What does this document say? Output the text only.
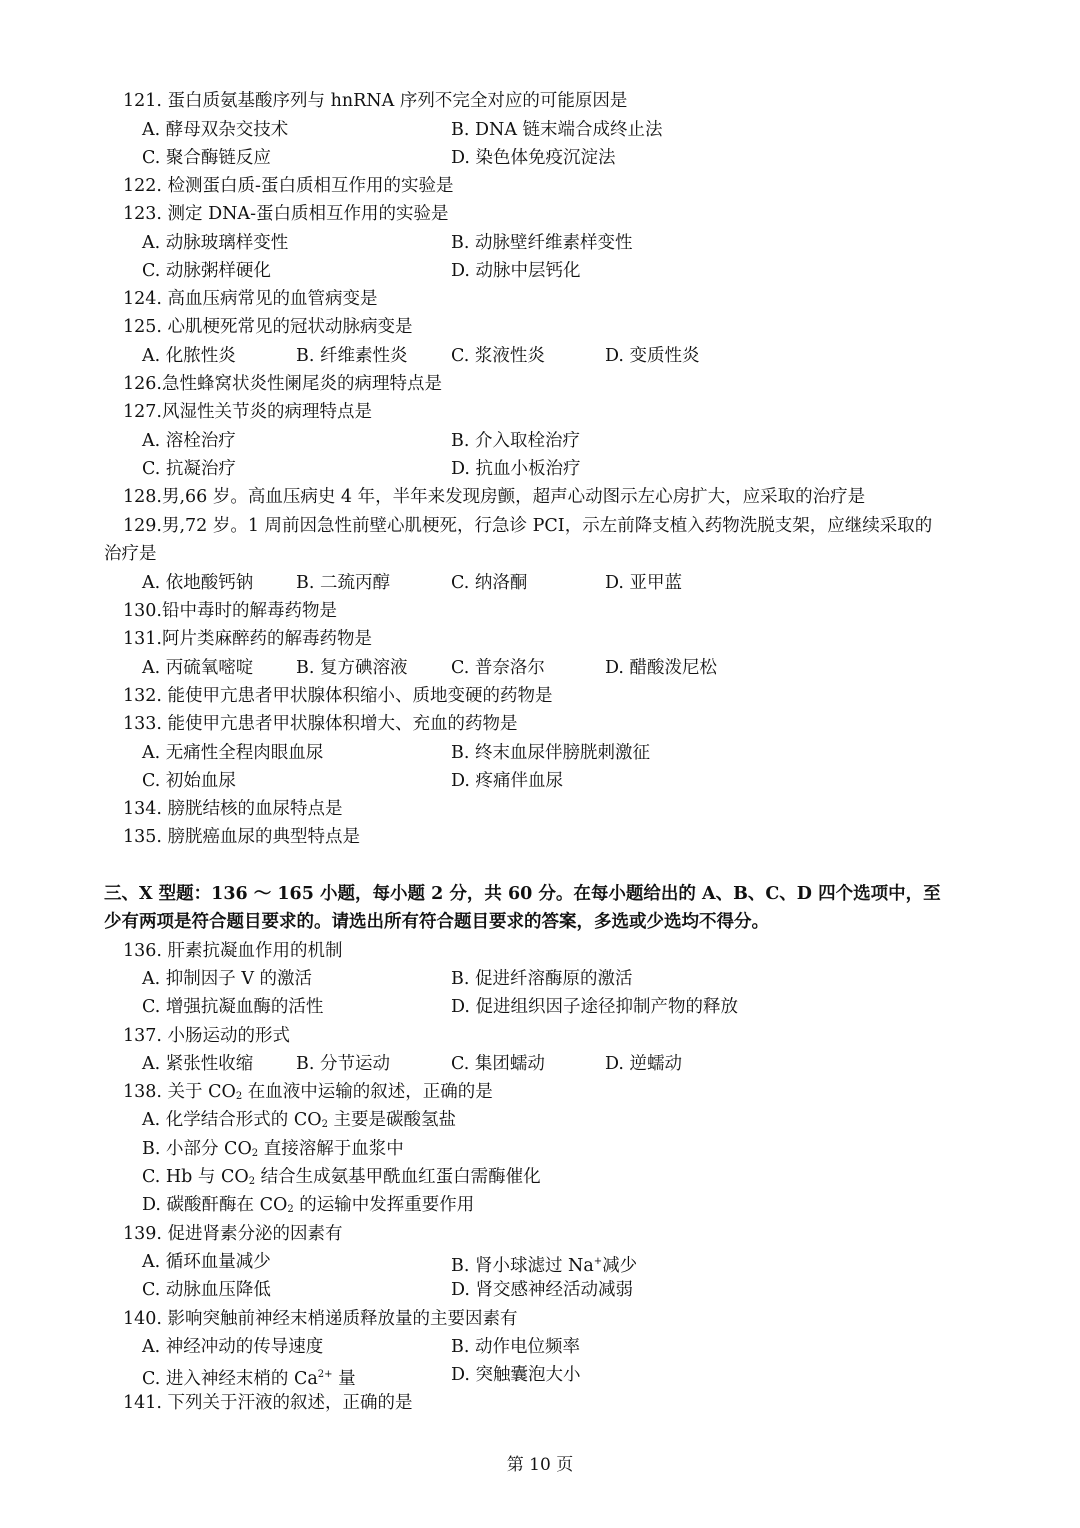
121. 蛋白质氨基酸序列与 hnRNA 序列不完全对应的可能原因是
A. 酵母双杂交技术	B. DNA 链末端合成终止法
C. 聚合酶链反应	D. 染色体免疫沉淀法
122. 检测蛋白质-蛋白质相互作用的实验是
123. 测定 DNA-蛋白质相互作用的实验是
A. 动脉玻璃样变性	B. 动脉壁纤维素样变性
C. 动脉粥样硬化	D. 动脉中层钙化
124. 高血压病常见的血管病变是
125. 心肌梗死常见的冠状动脉病变是
A. 化脓性炎	B. 纤维素性炎 C. 浆液性炎	D. 变质性炎
126.急性蜂窝状炎性阑尾炎的病理特点是
127.风湿性关节炎的病理特点是
A. 溶栓治疗	B. 介入取栓治疗
C. 抗凝治疗	D. 抗血小板治疗
128.男,66 岁。高血压病史 4 年，半年来发现房颤，超声心动图示左心房扩大，应采取的治疗是
129.男,72 岁。1 周前因急性前壁心肌梗死，行急诊 PCI，示左前降支植入药物洗脱支架，应继续采取的
治疗是
A. 依地酸钙钠 B. 二巯丙醇	C. 纳洛酮	D. 亚甲蓝
130.铅中毒时的解毒药物是
131.阿片类麻醉药的解毒药物是
A. 丙硫氧嘧啶 B. 复方碘溶液 C. 普奈洛尔	D. 醋酸泼尼松
132. 能使甲亢患者甲状腺体积缩小、质地变硬的药物是
133. 能使甲亢患者甲状腺体积增大、充血的药物是
A. 无痛性全程肉眼血尿	B. 终末血尿伴膀胱刺激征
C. 初始血尿	D. 疼痛伴血尿
134. 膀胱结核的血尿特点是
135. 膀胱癌血尿的典型特点是
三、X 型题：136 ～ 165 小题，每小题 2 分，共 60 分。在每小题给出的 A、B、C、D 四个选项中，至
少有两项是符合题目要求的。请选出所有符合题目要求的答案，多选或少选均不得分。
136. 肝素抗凝血作用的机制
A. 抑制因子 V 的激活	B. 促进纤溶酶原的激活
C. 增强抗凝血酶的活性	D. 促进组织因子途径抑制产物的释放
137. 小肠运动的形式
A. 紧张性收缩 B. 分节运动	C. 集团蠕动	D. 逆蠕动
138. 关于 $CO_2$ 在血液中运输的叙述，正确的是
A. 化学结合形式的 $CO_2$ 主要是碳酸氢盐
B. 小部分 $CO_2$ 直接溶解于血浆中
C. Hb 与 $CO_2$ 结合生成氨基甲酰血红蛋白需酶催化
D. 碳酸酐酶在 $CO_2$ 的运输中发挥重要作用
139. 促进肾素分泌的因素有
A. 循环血量减少	B. 肾小球滤过 Na+减少
C. 动脉血压降低	D. 肾交感神经活动减弱
140. 影响突触前神经末梢递质释放量的主要因素有
A. 神经冲动的传导速度	B. 动作电位频率
C. 进入神经末梢的 $Ca^{2+}$ 量	D. 突触囊泡大小
141. 下列关于汗液的叙述，正确的是
第 10 页
